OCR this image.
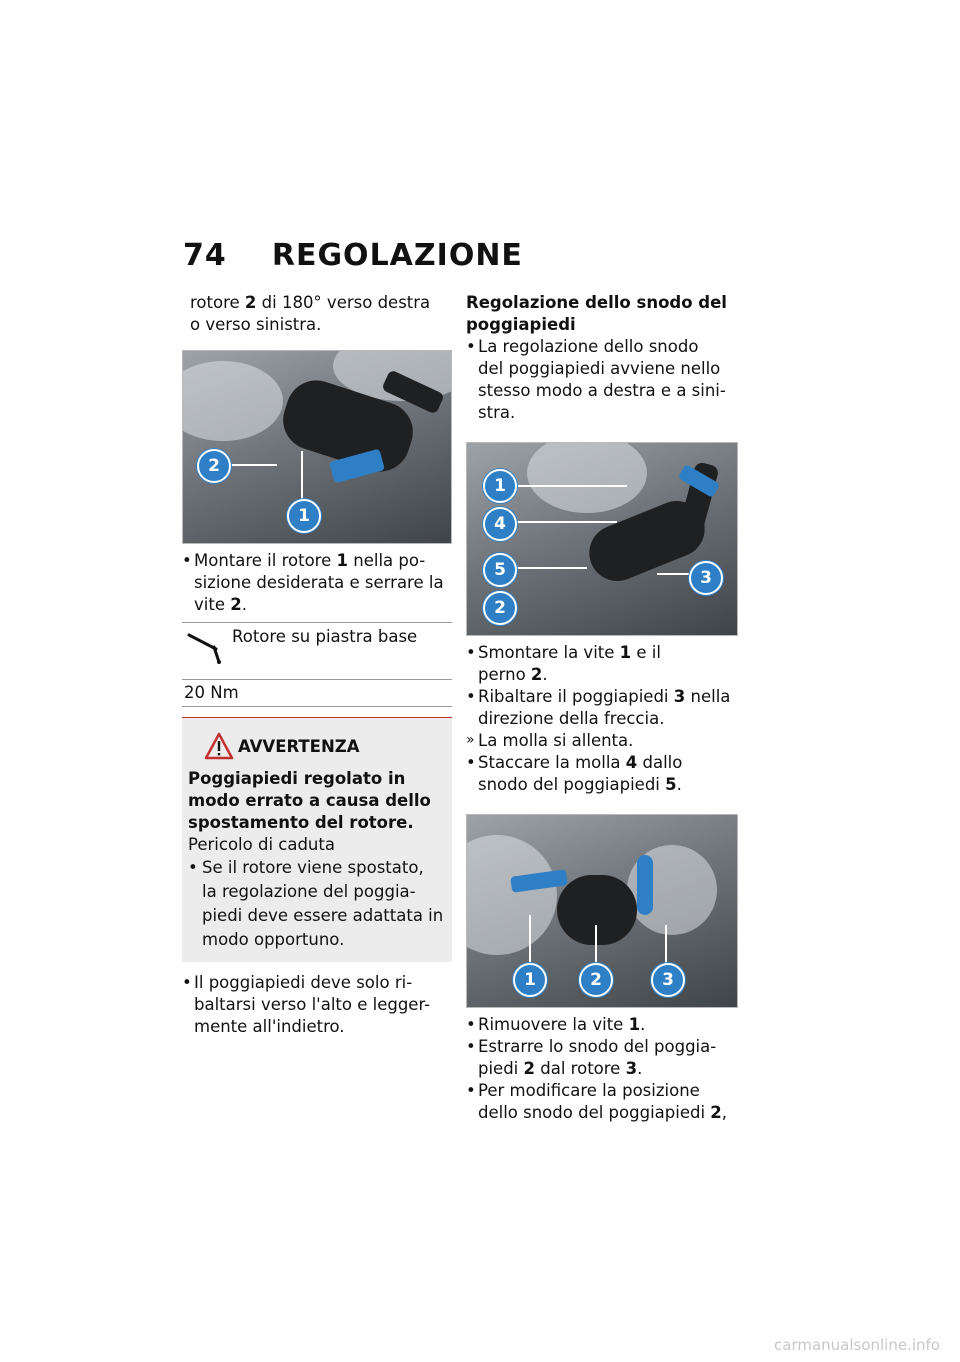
74 REGOLAZIONE
rotore 2 di 180° verso destra
o verso sinistra.
2
1
• Montare il rotore 1 nella po-
sizione desiderata e serrare la
vite 2.
Rotore su piastra base
20 Nm
AVVERTENZA
Poggiapiedi regolato in
modo errato a causa dello
spostamento del rotore.
Pericolo di caduta
• Se il rotore viene spostato,
la regolazione del poggia-
piedi deve essere adattata in
modo opportuno.
• Il poggiapiedi deve solo ri-
baltarsi verso l'alto e legger-
mente all'indietro.
Regolazione dello snodo del
poggiapiedi
• La regolazione dello snodo
del poggiapiedi avviene nello
stesso modo a destra e a sini-
stra.
1
4
5
2
3
• Smontare la vite 1 e il
perno 2.
• Ribaltare il poggiapiedi 3 nella
direzione della freccia.
» La molla si allenta.
• Staccare la molla 4 dallo
snodo del poggiapiedi 5.
1	2	3
• Rimuovere la vite 1.
• Estrarre lo snodo del poggia-
piedi 2 dal rotore 3.
• Per modificare la posizione
dello snodo del poggiapiedi 2,
carmanualsonline.info
